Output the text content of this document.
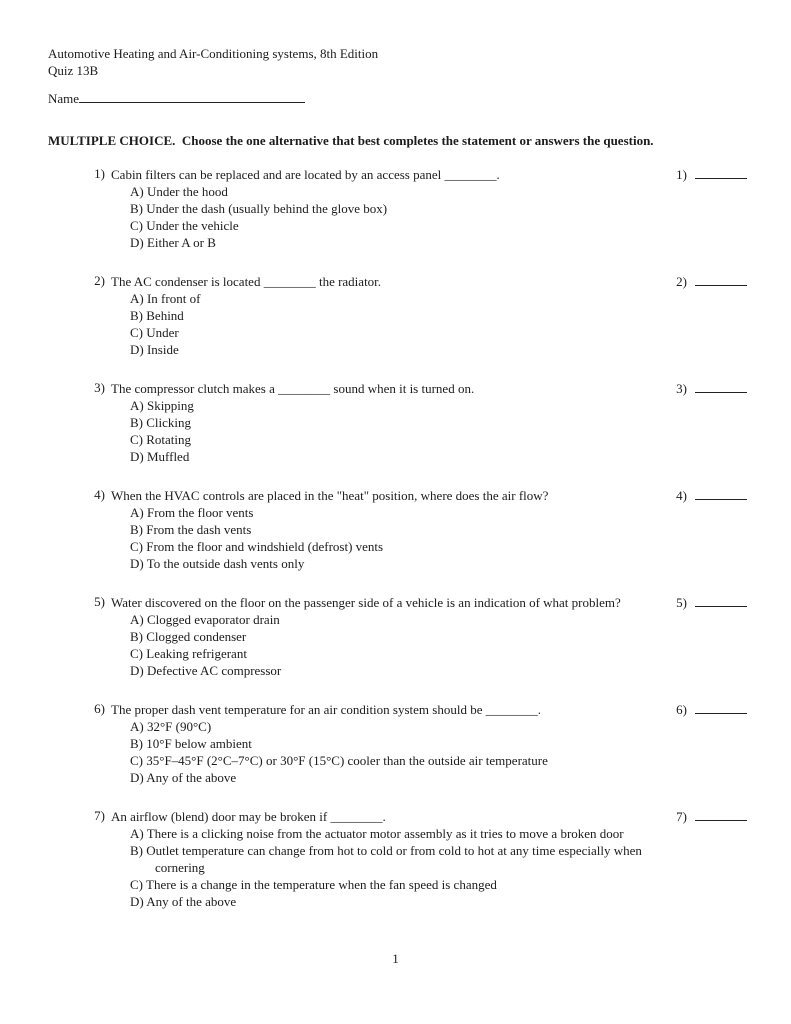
Automotive Heating and Air-Conditioning systems, 8th Edition
Quiz 13B
Name
MULTIPLE CHOICE.  Choose the one alternative that best completes the statement or answers the question.
1) Cabin filters can be replaced and are located by an access panel ________.	1)
A) Under the hood
B) Under the dash (usually behind the glove box)
C) Under the vehicle
D) Either A or B
2) The AC condenser is located ________ the radiator.	2)
A) In front of
B) Behind
C) Under
D) Inside
3) The compressor clutch makes a ________ sound when it is turned on.	3)
A) Skipping
B) Clicking
C) Rotating
D) Muffled
4) When the HVAC controls are placed in the "heat" position, where does the air flow?	4)
A) From the floor vents
B) From the dash vents
C) From the floor and windshield (defrost) vents
D) To the outside dash vents only
5) Water discovered on the floor on the passenger side of a vehicle is an indication of what problem?	5)
A) Clogged evaporator drain
B) Clogged condenser
C) Leaking refrigerant
D) Defective AC compressor
6) The proper dash vent temperature for an air condition system should be ________.	6)
A) 32°F (90°C)
B) 10°F below ambient
C) 35°F–45°F (2°C–7°C) or 30°F (15°C) cooler than the outside air temperature
D) Any of the above
7) An airflow (blend) door may be broken if ________.	7)
A) There is a clicking noise from the actuator motor assembly as it tries to move a broken door
B) Outlet temperature can change from hot to cold or from cold to hot at any time especially when cornering
C) There is a change in the temperature when the fan speed is changed
D) Any of the above
1
